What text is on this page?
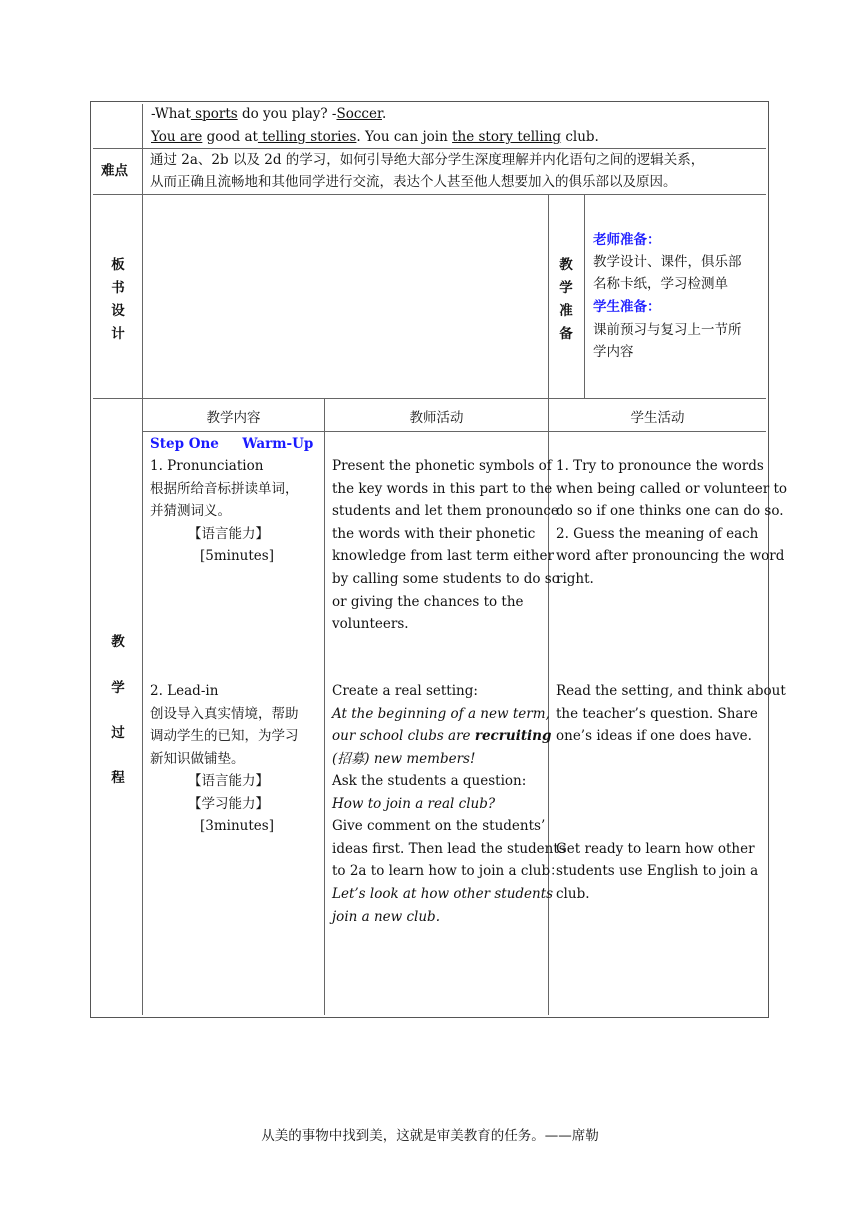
-What sports do you play? -Soccer.
You are good at telling stories. You can join the story telling club.
难点
通过 2a、2b 以及 2d 的学习，如何引导绝大部分学生深度理解并内化语句之间的逻辑关系，
从而正确且流畅地和其他同学进行交流，表达个人甚至他人想要加入的俱乐部以及原因。
板
书
设
计
教
学
准
备
老师准备：
教学设计、课件，俱乐部
名称卡纸，学习检测单
学生准备：
课前预习与复习上一节所
学内容
教
学
过
程
教学内容	教师活动	学生活动
Step One     Warm-Up
1. Pronunciation
根据所给音标拼读单词，
并猜测词义。
【语言能力】
[5minutes]
Present the phonetic symbols of
the key words in this part to the
students and let them pronounce
the words with their phonetic
knowledge from last term either
by calling some students to do so
or giving the chances to the
volunteers.
1. Try to pronounce the words
when being called or volunteer to
do so if one thinks one can do so.
2. Guess the meaning of each
word after pronouncing the word
right.
2. Lead-in
创设导入真实情境，帮助
调动学生的已知，为学习
新知识做铺垫。
【语言能力】
【学习能力】
[3minutes]
Create a real setting:
At the beginning of a new term,
our school clubs are recruiting
(招募) new members!
Ask the students a question:
How to join a real club?
Give comment on the students’
ideas first. Then lead the students
to 2a to learn how to join a club：
Let’s look at how other students
join a new club.
Read the setting, and think about
the teacher’s question. Share
one’s ideas if one does have.
Get ready to learn how other
students use English to join a
club.
从美的事物中找到美，这就是审美教育的任务。——席勒
